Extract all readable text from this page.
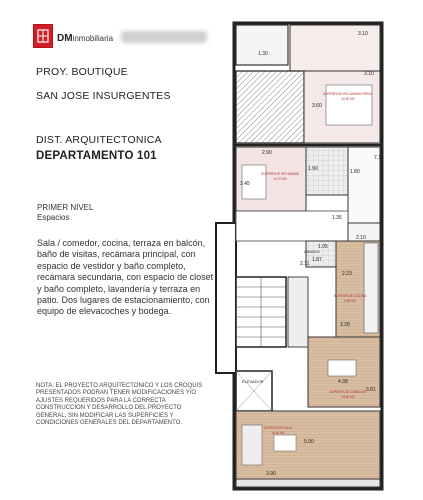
DMinmobiliaria
PROY. BOUTIQUE
SAN JOSE INSURGENTES
DIST. ARQUITECTONICA
DEPARTAMENTO 101
PRIMER NIVEL
Espacios
Sala / comedor, cocina, terraza en balcón, baño de visitas, recámara principal, con espacio de vestidor y baño completo, recámara secundaria, con espacio de closet y baño completo, lavandería y terraza en patio. Dos lugares de estacionamiento, con equipo de elevacoches y bodega.
NOTA: EL PROYECTO ARQUITECTONICO Y LOS CROQUIS PRESENTADOS PODRAN TENER MODIFICACIONES Y/O AJUSTES REQUERIDOS PARA LA CORRECTA CONSTRUCCION Y DESARROLLO DEL PROYECTO GENERAL, SIN MODIFICAR LAS SUPERFICIES Y CONDICIONES GENERALES DEL DEPARTAMENTO.
1.30
3.10
3.10
3.60
7.15
2.90
1.90	1.80
3.45
1.35
2.10
1.87
1.05
2.11
2.23
3.28
4.38
3.81
5.00
3.90
LAVADO
ELEVADOR
SUPERFICIE RECAMARA PRINC.
22.50 M2
SUPERFICIE RECAMARA
14.70 M2
SUPERFICIE COCINA
9.89 M2
SUPERFICIE COMEDOR
14.60 M2
SUPERFICIE SALA
16.60 M2
